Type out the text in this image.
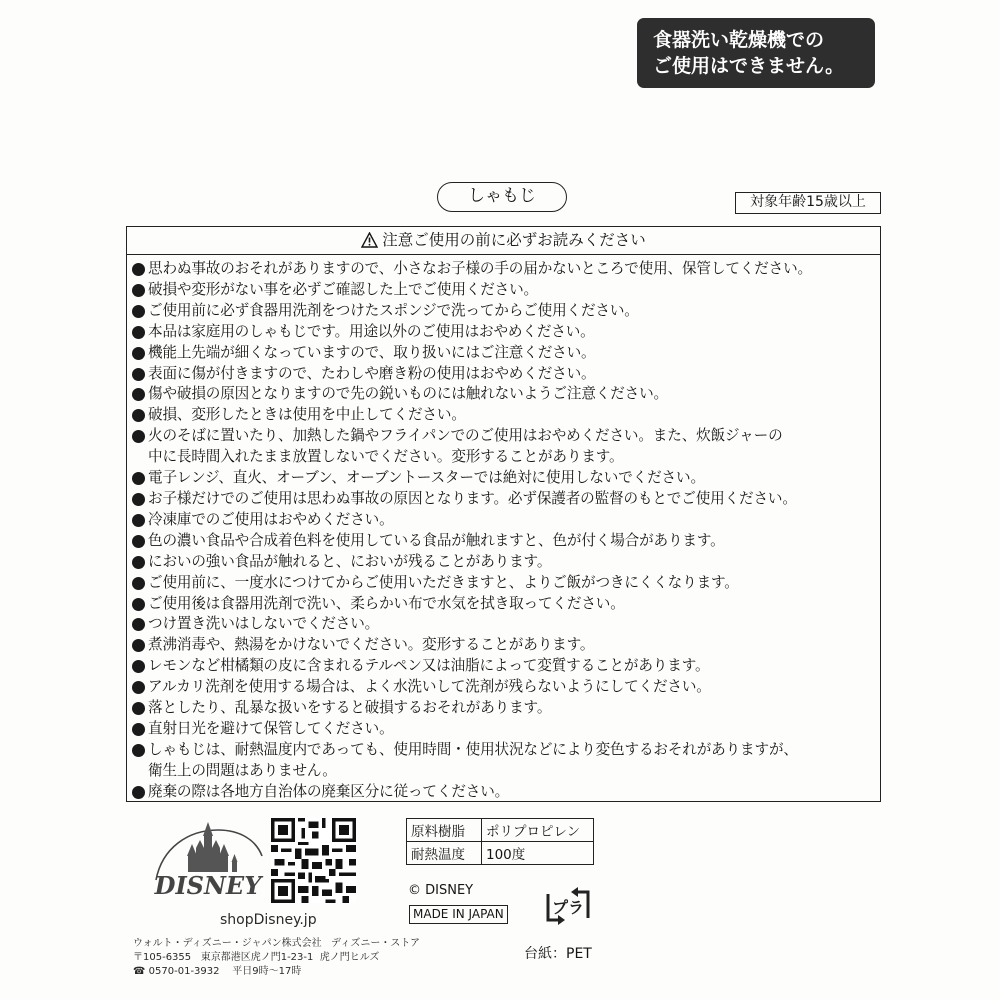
食器洗い乾燥機での
ご使用はできません。
しゃもじ	対象年齢15歳以上
注意ご使用の前に必ずお読みください
思わぬ事故のおそれがありますので、小さなお子様の手の届かないところで使用、保管してください。
破損や変形がない事を必ずご確認した上でご使用ください。
ご使用前に必ず食器用洗剤をつけたスポンジで洗ってからご使用ください。
本品は家庭用のしゃもじです。用途以外のご使用はおやめください。
機能上先端が細くなっていますので、取り扱いにはご注意ください。
表面に傷が付きますので、たわしや磨き粉の使用はおやめください。
傷や破損の原因となりますので先の鋭いものには触れないようご注意ください。
破損、変形したときは使用を中止してください。
火のそばに置いたり、加熱した鍋やフライパンでのご使用はおやめください。また、炊飯ジャーの
中に長時間入れたまま放置しないでください。変形することがあります。
電子レンジ、直火、オーブン、オーブントースターでは絶対に使用しないでください。
お子様だけでのご使用は思わぬ事故の原因となります。必ず保護者の監督のもとでご使用ください。
冷凍庫でのご使用はおやめください。
色の濃い食品や合成着色料を使用している食品が触れますと、色が付く場合があります。
においの強い食品が触れると、においが残ることがあります。
ご使用前に、一度水につけてからご使用いただきますと、よりご飯がつきにくくなります。
ご使用後は食器用洗剤で洗い、柔らかい布で水気を拭き取ってください。
つけ置き洗いはしないでください。
煮沸消毒や、熱湯をかけないでください。変形することがあります。
レモンなど柑橘類の皮に含まれるテルペン又は油脂によって変質することがあります。
アルカリ洗剤を使用する場合は、よく水洗いして洗剤が残らないようにしてください。
落としたり、乱暴な扱いをすると破損するおそれがあります。
直射日光を避けて保管してください。
しゃもじは、耐熱温度内であっても、使用時間・使用状況などにより変色するおそれがありますが、
衛生上の問題はありません。
廃棄の際は各地方自治体の廃棄区分に従ってください。
DISNEY
shopDisney.jp
ウォルト・ディズニー・ジャパン株式会社 ディズニー・ストア
〒105-6355 東京都港区虎ノ門1-23-1 虎ノ門ヒルズ
☎ 0570-01-3932 平日9時～17時
原料樹脂	ポリプロピレン
耐熱温度	100度
© DISNEY
MADE IN JAPAN	プラ
台紙：PET
